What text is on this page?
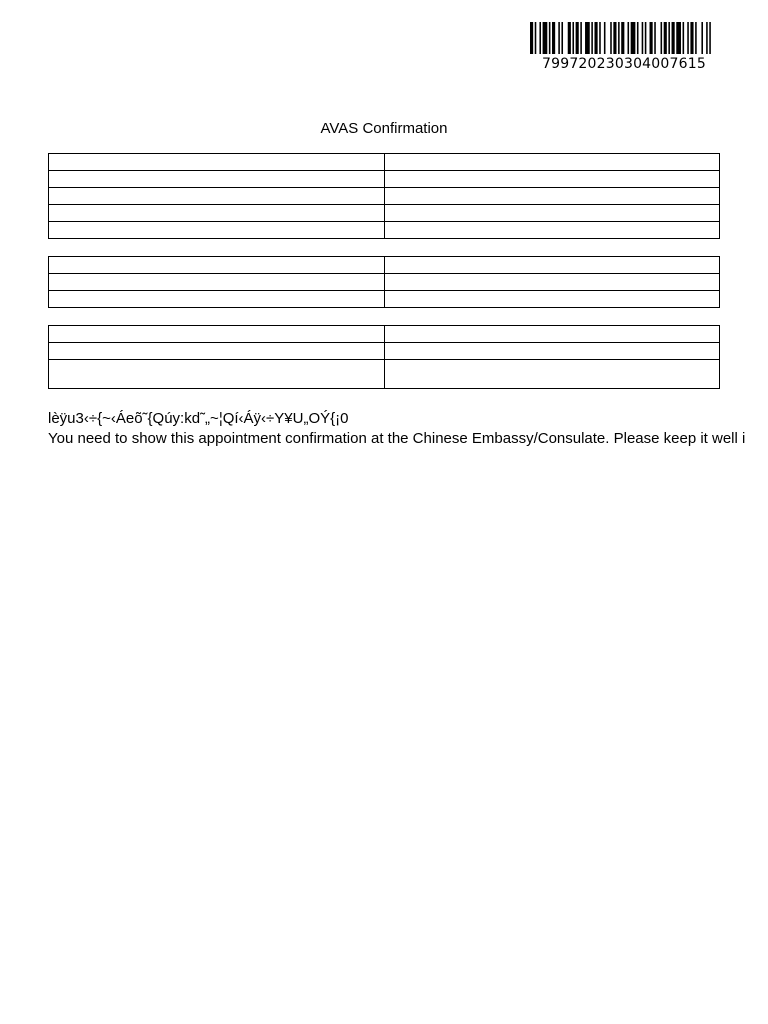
799720230304007615
AVAS Confirmation

lèÿu3‹÷{~‹Áeõ˜{Qúy:kd˜„~¦Qí‹Áÿ‹÷Y¥U„OÝ{¡0
You need to show this appointment confirmation at the Chinese Embassy/Consulate. Please keep it well i
